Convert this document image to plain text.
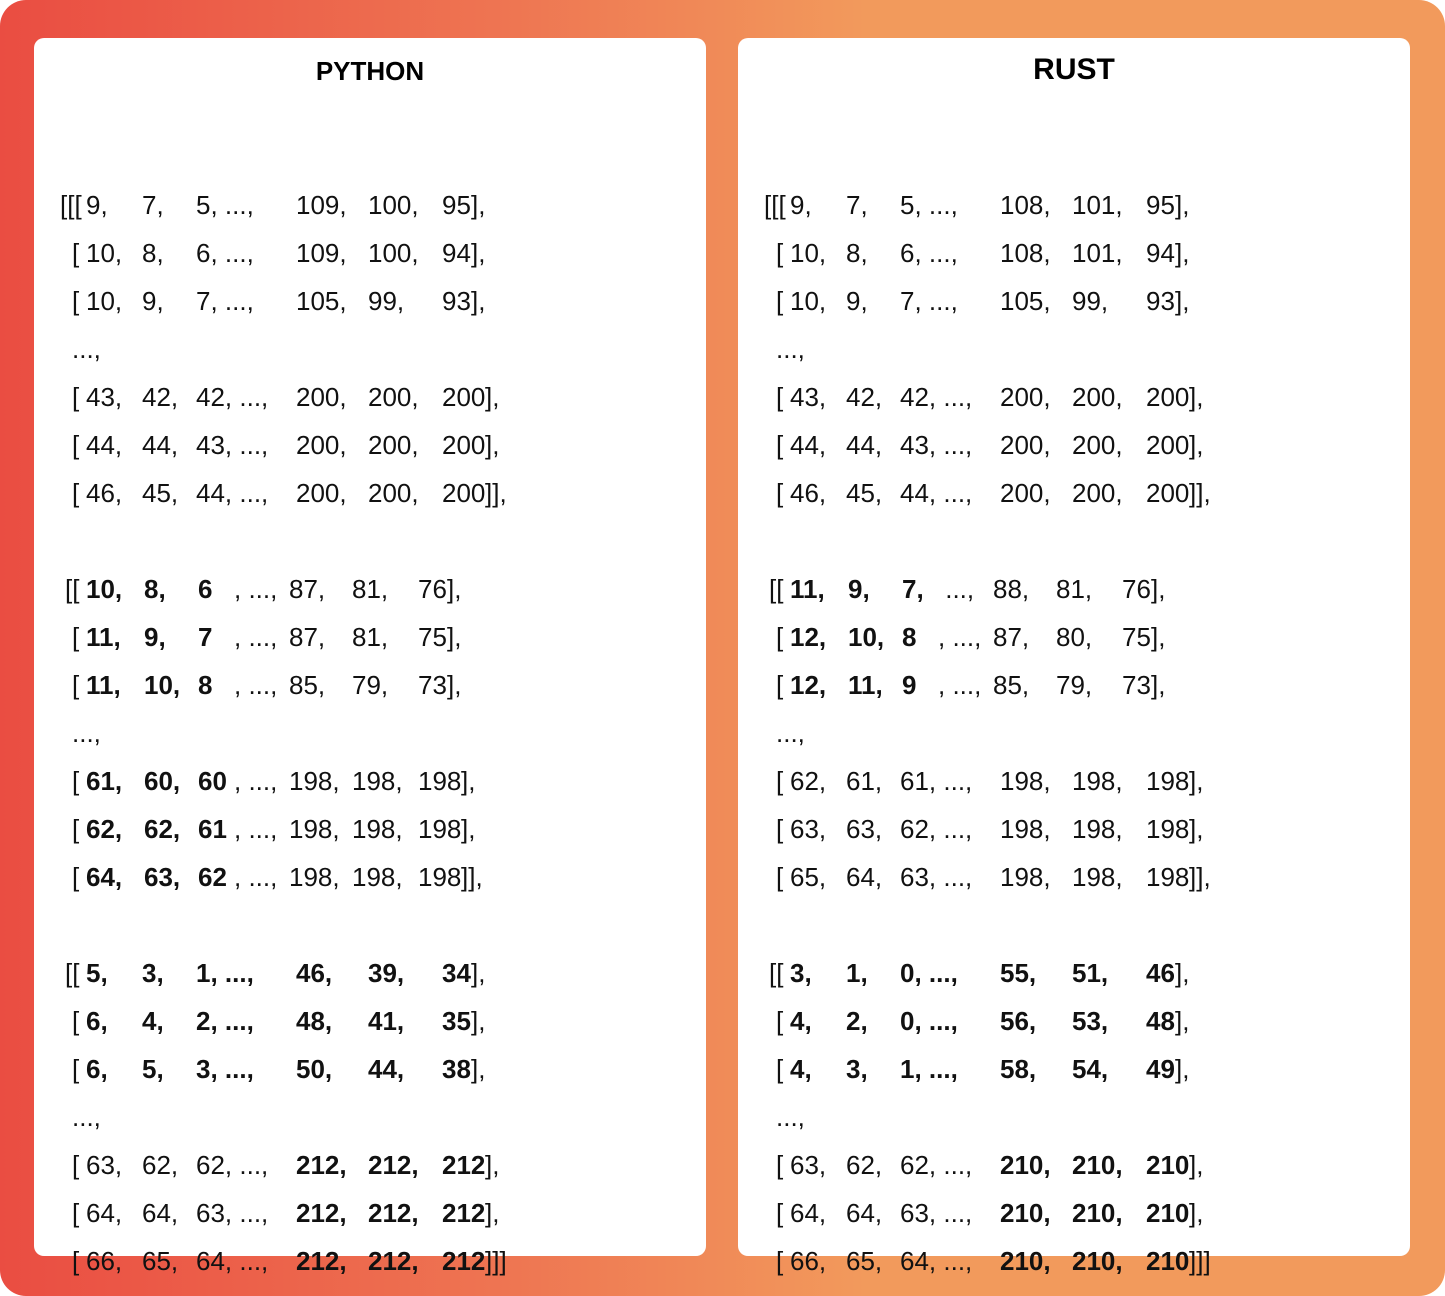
PYTHON
[[[ 9, 7, 5, ..., 109, 100, 95 ],
[ 10, 8, 6, ..., 109, 100, 94 ],
[ 10, 9, 7, ..., 105, 99, 93 ],
...,
[ 43, 42, 42, ..., 200, 200, 200 ],
[ 44, 44, 43, ..., 200, 200, 200 ],
[ 46, 45, 44, ..., 200, 200, 200 ]],
[[ 10, 8, 6 , ..., 87, 81, 76 ],
[ 11, 9, 7 , ..., 87, 81, 75 ],
[ 11, 10, 8 , ..., 85, 79, 73 ],
...,
[ 61, 60, 60 , ..., 198, 198, 198 ],
[ 62, 62, 61 , ..., 198, 198, 198 ],
[ 64, 63, 62 , ..., 198, 198, 198 ]],
[[ 5, 3, 1, ..., 46, 39, 34 ],
[ 6, 4, 2, ..., 48, 41, 35 ],
[ 6, 5, 3, ..., 50, 44, 38 ],
...,
[ 63, 62, 62, ..., 212, 212, 212 ],
[ 64, 64, 63, ..., 212, 212, 212 ],
[ 66, 65, 64, ..., 212, 212, 212 ]]]
RUST
[[[ 9, 7, 5, ..., 108, 101, 95 ],
[ 10, 8, 6, ..., 108, 101, 94 ],
[ 10, 9, 7, ..., 105, 99, 93 ],
...,
[ 43, 42, 42, ..., 200, 200, 200 ],
[ 44, 44, 43, ..., 200, 200, 200 ],
[ 46, 45, 44, ..., 200, 200, 200 ]],
[[ 11, 9, 7, ..., 88, 81, 76 ],
[ 12, 10, 8 , ..., 87, 80, 75 ],
[ 12, 11, 9 , ..., 85, 79, 73 ],
...,
[ 62, 61, 61, ..., 198, 198, 198 ],
[ 63, 63, 62, ..., 198, 198, 198 ],
[ 65, 64, 63, ..., 198, 198, 198 ]],
[[ 3, 1, 0, ..., 55, 51, 46 ],
[ 4, 2, 0, ..., 56, 53, 48 ],
[ 4, 3, 1, ..., 58, 54, 49 ],
...,
[ 63, 62, 62, ..., 210, 210, 210 ],
[ 64, 64, 63, ..., 210, 210, 210 ],
[ 66, 65, 64, ..., 210, 210, 210 ]]]
